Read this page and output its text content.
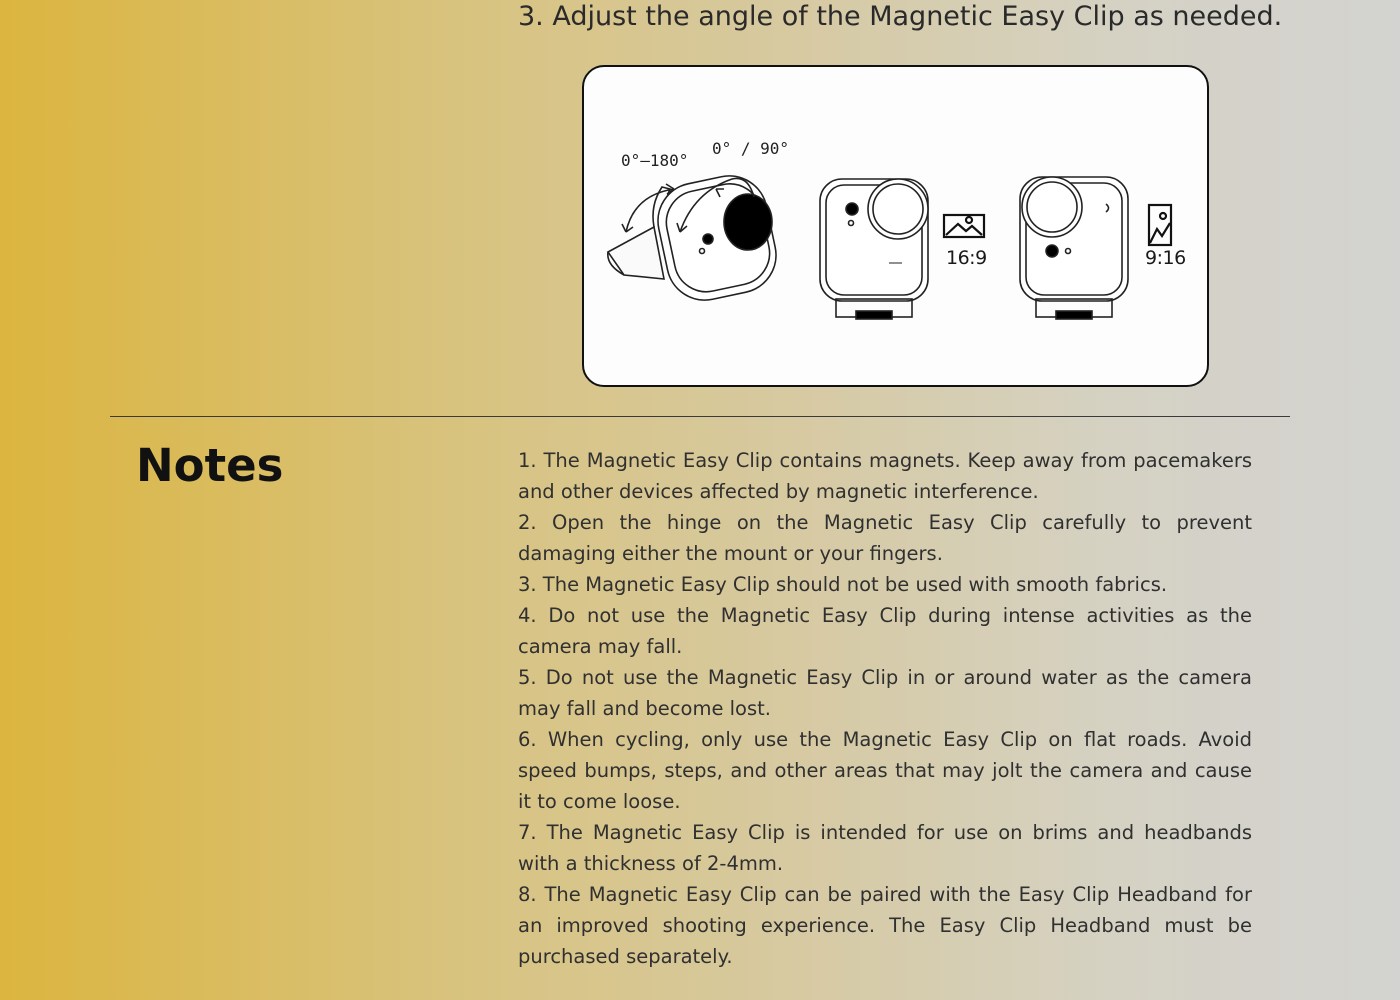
3. Adjust the angle of the Magnetic Easy Clip as needed.
0°–180°
0° / 90°
16:9	9:16
Notes	1. The Magnetic Easy Clip contains magnets. Keep away from pacemakers and other devices affected by magnetic interference.
2. Open the hinge on the Magnetic Easy Clip carefully to prevent damaging either the mount or your fingers.
3. The Magnetic Easy Clip should not be used with smooth fabrics.
4. Do not use the Magnetic Easy Clip during intense activities as the camera may fall.
5. Do not use the Magnetic Easy Clip in or around water as the camera may fall and become lost.
6. When cycling, only use the Magnetic Easy Clip on flat roads. Avoid speed bumps, steps, and other areas that may jolt the camera and cause it to come loose.
7. The Magnetic Easy Clip is intended for use on brims and headbands with a thickness of 2-4mm.
8. The Magnetic Easy Clip can be paired with the Easy Clip Headband for an improved shooting experience. The Easy Clip Headband must be purchased separately.
